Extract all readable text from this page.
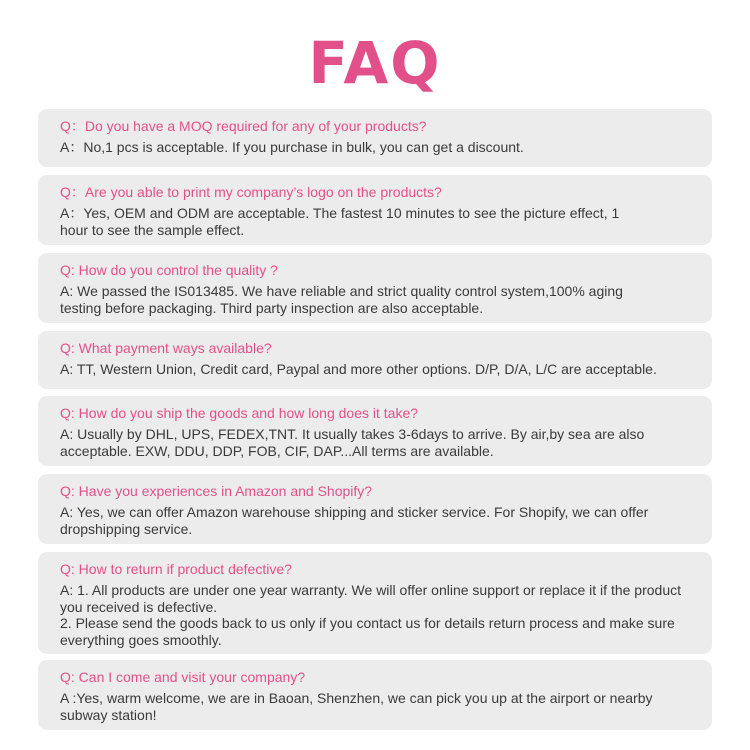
FAQ

Q：Do you have a MOQ required for any of your products?

A：No,1 pcs is acceptable. If you purchase in bulk, you can get a discount.

Q：Are you able to print my company’s logo on the products?

A：Yes, OEM and ODM are acceptable. The fastest 10 minutes to see the picture effect, 1
hour to see the sample effect.

Q: How do you control the quality ?

A: We passed the IS013485. We have reliable and strict quality control system,100% aging
testing before packaging. Third party inspection are also acceptable.

Q: What payment ways available?

A: TT, Western Union, Credit card, Paypal and more other options. D/P, D/A, L/C are acceptable.

Q: How do you ship the goods and how long does it take?

A: Usually by DHL, UPS, FEDEX,TNT. It usually takes 3-6days to arrive. By air,by sea are also
acceptable. EXW, DDU, DDP, FOB, CIF, DAP...All terms are available.

Q: Have you experiences in Amazon and Shopify?

A: Yes, we can offer Amazon warehouse shipping and sticker service. For Shopify, we can offer
dropshipping service.

Q: How to return if product defective?

A: 1. All products are under one year warranty. We will offer online support or replace it if the product
you received is defective.
2. Please send the goods back to us only if you contact us for details return process and make sure
everything goes smoothly.

Q: Can I come and visit your company?

A :Yes, warm welcome, we are in Baoan, Shenzhen, we can pick you up at the airport or nearby
subway station!
